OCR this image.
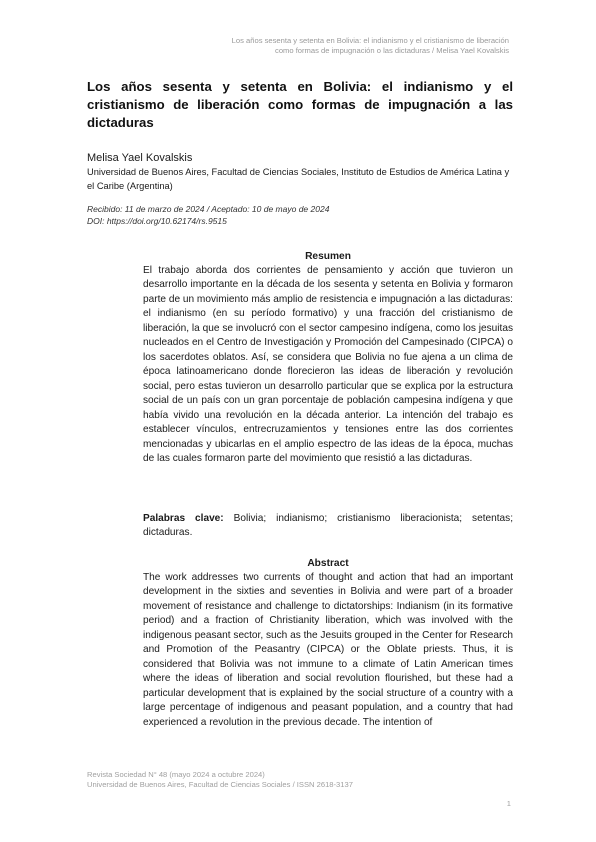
Los años sesenta y setenta en Bolivia: el indianismo y el cristianismo de liberación
como formas de impugnación o las dictaduras / Melisa Yael Kovalskis
Los años sesenta y setenta en Bolivia: el indianismo y el cristianismo de liberación como formas de impugnación a las dictaduras
Melisa Yael Kovalskis
Universidad de Buenos Aires, Facultad de Ciencias Sociales, Instituto de Estudios de América Latina y el Caribe (Argentina)
Recibido: 11 de marzo de 2024 / Aceptado: 10 de mayo de 2024
DOI: https://doi.org/10.62174/rs.9515
Resumen

El trabajo aborda dos corrientes de pensamiento y acción que tuvieron un desarrollo importante en la década de los sesenta y setenta en Bolivia y formaron parte de un movimiento más amplio de resistencia e impugnación a las dictaduras: el indianismo (en su período formativo) y una fracción del cristianismo de liberación, la que se involucró con el sector campesino indígena, como los jesuitas nucleados en el Centro de Investigación y Promoción del Campesinado (CIPCA) o los sacerdotes oblatos. Así, se considera que Bolivia no fue ajena a un clima de época latinoamericano donde florecieron las ideas de liberación y revolución social, pero estas tuvieron un desarrollo particular que se explica por la estructura social de un país con un gran porcentaje de población campesina indígena y que había vivido una revolución en la década anterior. La intención del trabajo es establecer vínculos, entrecruzamientos y tensiones entre las dos corrientes mencionadas y ubicarlas en el amplio espectro de las ideas de la época, muchas de las cuales formaron parte del movimiento que resistió a las dictaduras.

Palabras clave: Bolivia; indianismo; cristianismo liberacionista; setentas; dictaduras.

Abstract

The work addresses two currents of thought and action that had an important development in the sixties and seventies in Bolivia and were part of a broader movement of resistance and challenge to dictatorships: Indianism (in its formative period) and a fraction of Christianity liberation, which was involved with the indigenous peasant sector, such as the Jesuits grouped in the Center for Research and Promotion of the Peasantry (CIPCA) or the Oblate priests. Thus, it is considered that Bolivia was not immune to a climate of Latin American times where the ideas of liberation and social revolution flourished, but these had a particular development that is explained by the social structure of a country with a large percentage of indigenous and peasant population, and a country that had experienced a revolution in the previous decade. The intention of

Revista Sociedad N° 48 (mayo 2024 a octubre 2024)
Universidad de Buenos Aires, Facultad de Ciencias Sociales / ISSN 2618-3137
1
